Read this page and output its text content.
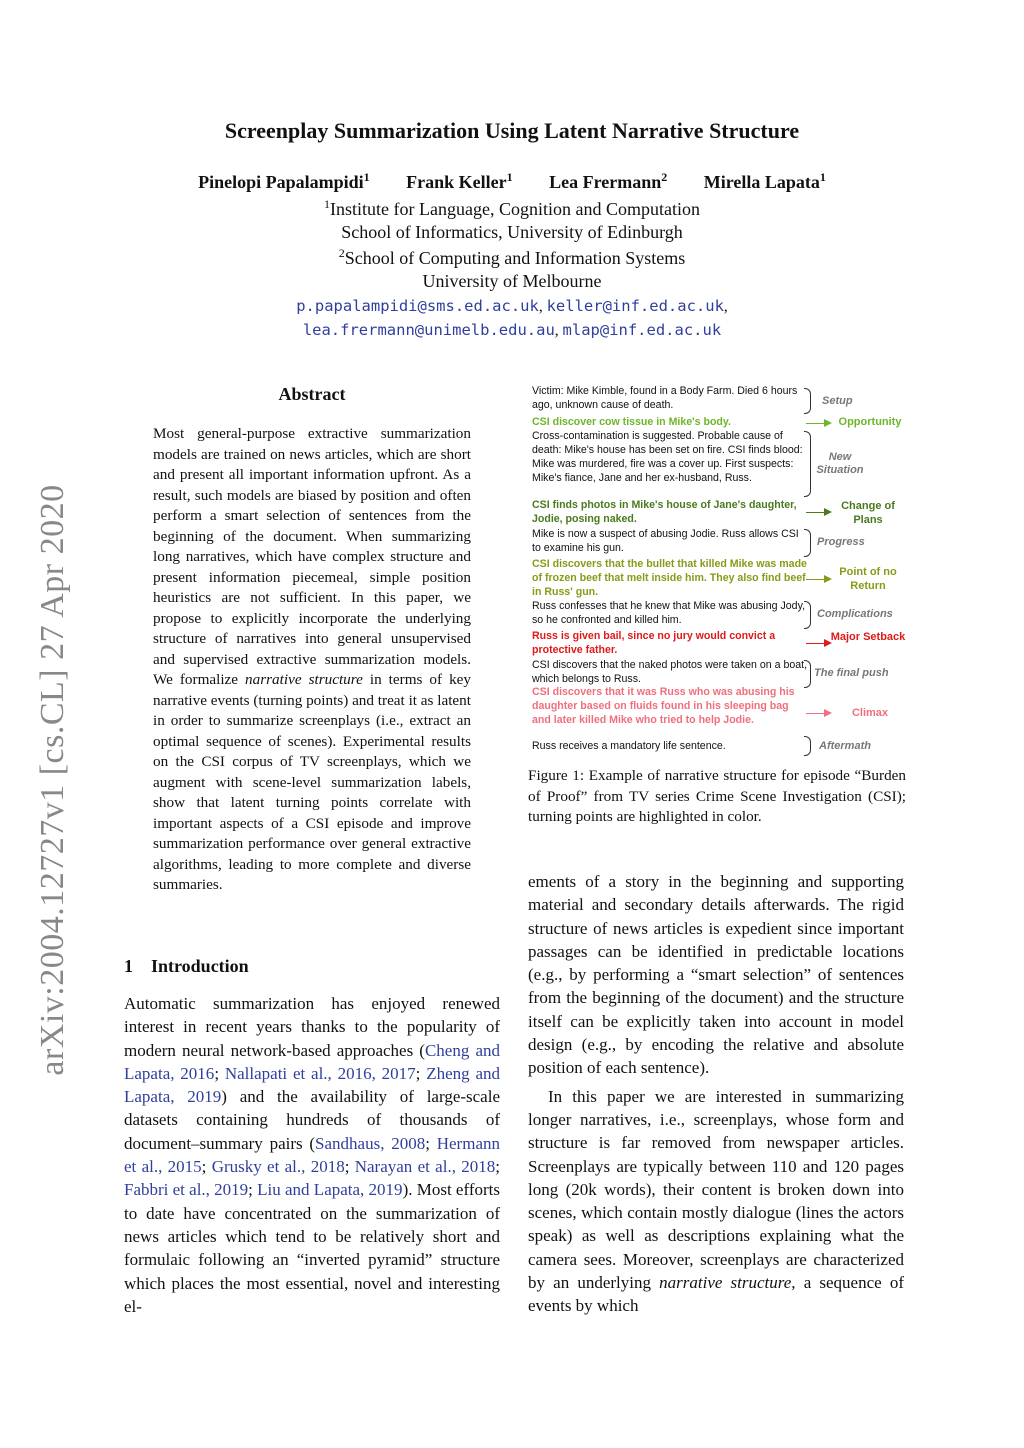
arXiv:2004.12727v1 [cs.CL] 27 Apr 2020
Screenplay Summarization Using Latent Narrative Structure
Pinelopi Papalampidi$^1$ Frank Keller$^1$ Lea Frermann$^2$ Mirella Lapata$^1$
$^1$Institute for Language, Cognition and Computation
School of Informatics, University of Edinburgh
$^2$School of Computing and Information Systems
University of Melbourne
p.papalampidi@sms.ed.ac.uk, keller@inf.ed.ac.uk,
lea.frermann@unimelb.edu.au, mlap@inf.ed.ac.uk
Abstract

Most general-purpose extractive summarization models are trained on news articles, which are short and present all important information upfront. As a result, such models are biased by position and often perform a smart selection of sentences from the beginning of the document. When summarizing long narratives, which have complex structure and present information piecemeal, simple position heuristics are not sufficient. In this paper, we propose to explicitly incorporate the underlying structure of narratives into general unsupervised and supervised extractive summarization models. We formalize narrative structure in terms of key narrative events (turning points) and treat it as latent in order to summarize screenplays (i.e., extract an optimal sequence of scenes). Experimental results on the CSI corpus of TV screenplays, which we augment with scene-level summarization labels, show that latent turning points correlate with important aspects of a CSI episode and improve summarization performance over general extractive algorithms, leading to more complete and diverse summaries.

1 Introduction

Automatic summarization has enjoyed renewed interest in recent years thanks to the popularity of modern neural network-based approaches (Cheng and Lapata, 2016; Nallapati et al., 2016, 2017; Zheng and Lapata, 2019) and the availability of large-scale datasets containing hundreds of thousands of document–summary pairs (Sandhaus, 2008; Hermann et al., 2015; Grusky et al., 2018; Narayan et al., 2018; Fabbri et al., 2019; Liu and Lapata, 2019). Most efforts to date have concentrated on the summarization of news articles which tend to be relatively short and formulaic following an “inverted pyramid” structure which places the most essential, novel and interesting el-

Victim: Mike Kimble, found in a Body Farm. Died 6 hours ago, unknown cause of death.
CSI discover cow tissue in Mike's body.
Cross-contamination is suggested. Probable cause of death: Mike's house has been set on fire. CSI finds blood: Mike was murdered, fire was a cover up. First suspects: Mike's fiance, Jane and her ex-husband, Russ.
CSI finds photos in Mike's house of Jane's daughter, Jodie, posing naked.
Mike is now a suspect of abusing Jodie. Russ allows CSI to examine his gun.
CSI discovers that the bullet that killed Mike was made of frozen beef that melt inside him. They also find beef in Russ' gun.
Russ confesses that he knew that Mike was abusing Jody, so he confronted and killed him.
Russ is given bail, since no jury would convict a protective father.
CSI discovers that the naked photos were taken on a boat, which belongs to Russ.
CSI discovers that it was Russ who was abusing his daughter based on fluids found in his sleeping bag and later killed Mike who tried to help Jodie.
Russ receives a mandatory life sentence.
Setup
New Situation
Progress
Complications
The final push
Aftermath
Opportunity
Change of Plans
Point of no Return
Major Setback
Climax
Figure 1: Example of narrative structure for episode “Burden of Proof” from TV series Crime Scene Investigation (CSI); turning points are highlighted in color.

ements of a story in the beginning and supporting material and secondary details afterwards. The rigid structure of news articles is expedient since important passages can be identified in predictable locations (e.g., by performing a “smart selection” of sentences from the beginning of the document) and the structure itself can be explicitly taken into account in model design (e.g., by encoding the relative and absolute position of each sentence).

In this paper we are interested in summarizing longer narratives, i.e., screenplays, whose form and structure is far removed from newspaper articles. Screenplays are typically between 110 and 120 pages long (20k words), their content is broken down into scenes, which contain mostly dialogue (lines the actors speak) as well as descriptions explaining what the camera sees. Moreover, screenplays are characterized by an underlying narrative structure, a sequence of events by which
